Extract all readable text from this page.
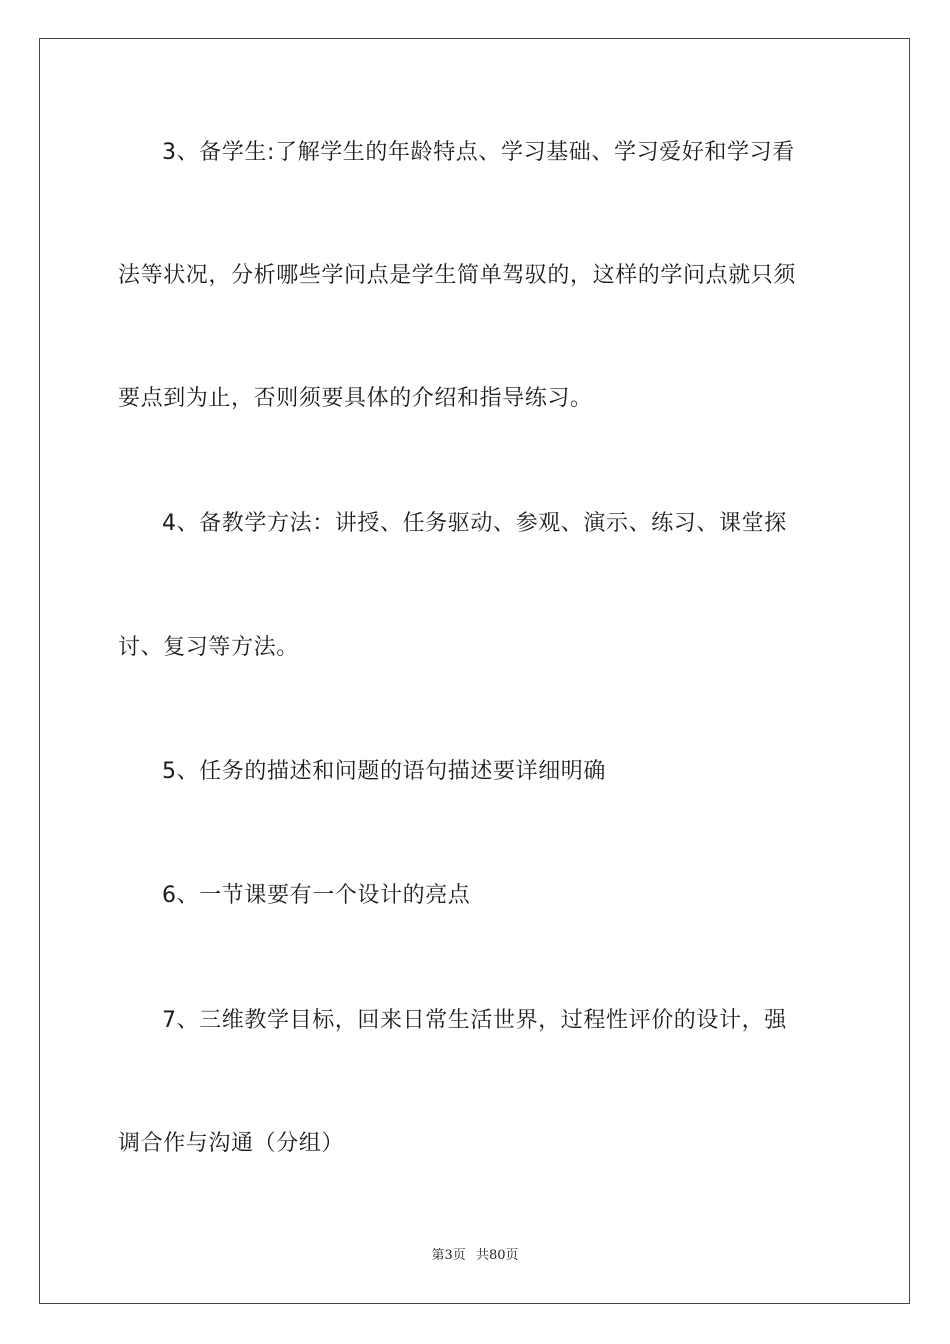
3、备学生:了解学生的年龄特点、学习基础、学习爱好和学习看
法等状况，分析哪些学问点是学生简单驾驭的，这样的学问点就只须
要点到为止，否则须要具体的介绍和指导练习。
4、备教学方法：讲授、任务驱动、参观、演示、练习、课堂探
讨、复习等方法。
5、任务的描述和问题的语句描述要详细明确
6、一节课要有一个设计的亮点
7、三维教学目标，回来日常生活世界，过程性评价的设计，强
调合作与沟通（分组）
第3页 共80页
